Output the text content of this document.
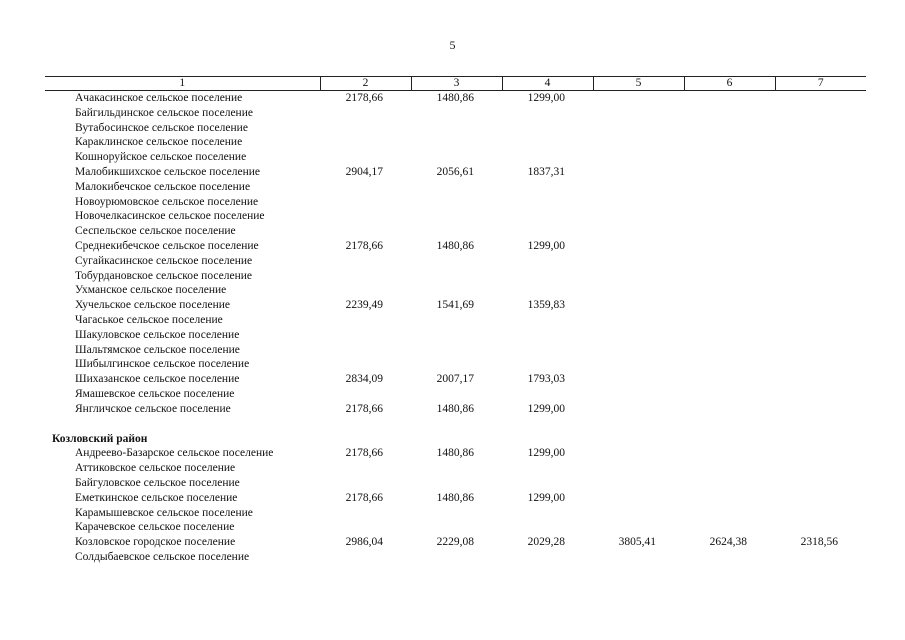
5
1	2	3	4	5	6	7
Ачакасинское сельское поселение	2178,66	1480,86	1299,00			
Байгильдинское сельское поселение						
Вутабосинское сельское поселение						
Караклинское сельское поселение						
Кошноруйское сельское поселение						
Малобикшихское сельское поселение	2904,17	2056,61	1837,31			
Малокибечское сельское поселение						
Новоурюмовское сельское поселение						
Новочелкасинское сельское поселение						
Сеспельское сельское поселение						
Среднекибечское сельское поселение	2178,66	1480,86	1299,00			
Сугайкасинское сельское поселение						
Тобурдановское сельское поселение						
Ухманское сельское поселение						
Хучельское сельское поселение	2239,49	1541,69	1359,83			
Чагаськое сельское поселение						
Шакуловское сельское поселение						
Шальтямское сельское поселение						
Шибылгинское сельское поселение						
Шихазанское сельское поселение	2834,09	2007,17	1793,03			
Ямашевское сельское поселение						
Янгличское сельское поселение	2178,66	1480,86	1299,00			

Козловский район						
Андреево-Базарское сельское поселение	2178,66	1480,86	1299,00			
Аттиковское сельское поселение						
Байгуловское сельское поселение						
Еметкинское сельское поселение	2178,66	1480,86	1299,00			
Карамышевское сельское поселение						
Карачевское сельское поселение						
Козловское городское поселение	2986,04	2229,08	2029,28	3805,41	2624,38	2318,56
Солдыбаевское сельское поселение						
